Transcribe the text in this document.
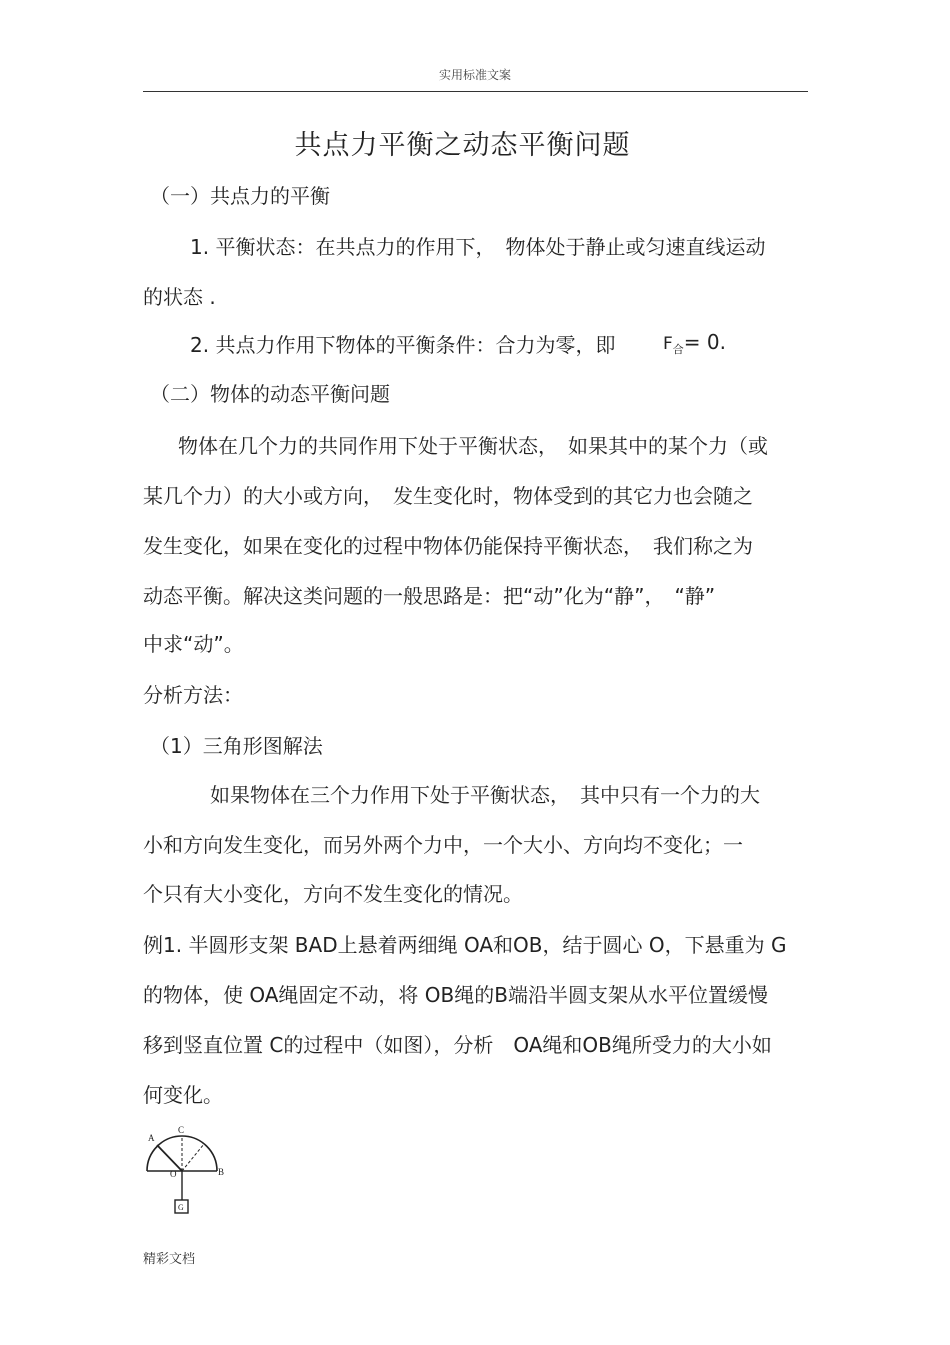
实用标准文案
共点力平衡之动态平衡问题
（一）共点力的平衡
1. 平衡状态：在共点力的作用下，　物体处于静止或匀速直线运动
的状态 .
2. 共点力作用下物体的平衡条件：合力为零，即	$F_合= 0$.
（二）物体的动态平衡问题
物体在几个力的共同作用下处于平衡状态，　如果其中的某个力（或
某几个力）的大小或方向，　发生变化时，物体受到的其它力也会随之
发生变化，如果在变化的过程中物体仍能保持平衡状态，　我们称之为
动态平衡。解决这类问题的一般思路是：把“动”化为“静”，　“静”
中求“动”。
分析方法：
（1）三角形图解法
如果物体在三个力作用下处于平衡状态，　其中只有一个力的大
小和方向发生变化，而另外两个力中，一个大小、方向均不变化；一
个只有大小变化，方向不发生变化的情况。
例1. 半圆形支架 BAD上悬着两细绳 OA和OB，结于圆心 O，下悬重为 G
的物体，使 OA绳固定不动，将 OB绳的B端沿半圆支架从水平位置缓慢
移到竖直位置 C的过程中（如图），分析　OA绳和OB绳所受力的大小如
何变化。
A
C
O	B
G
精彩文档
